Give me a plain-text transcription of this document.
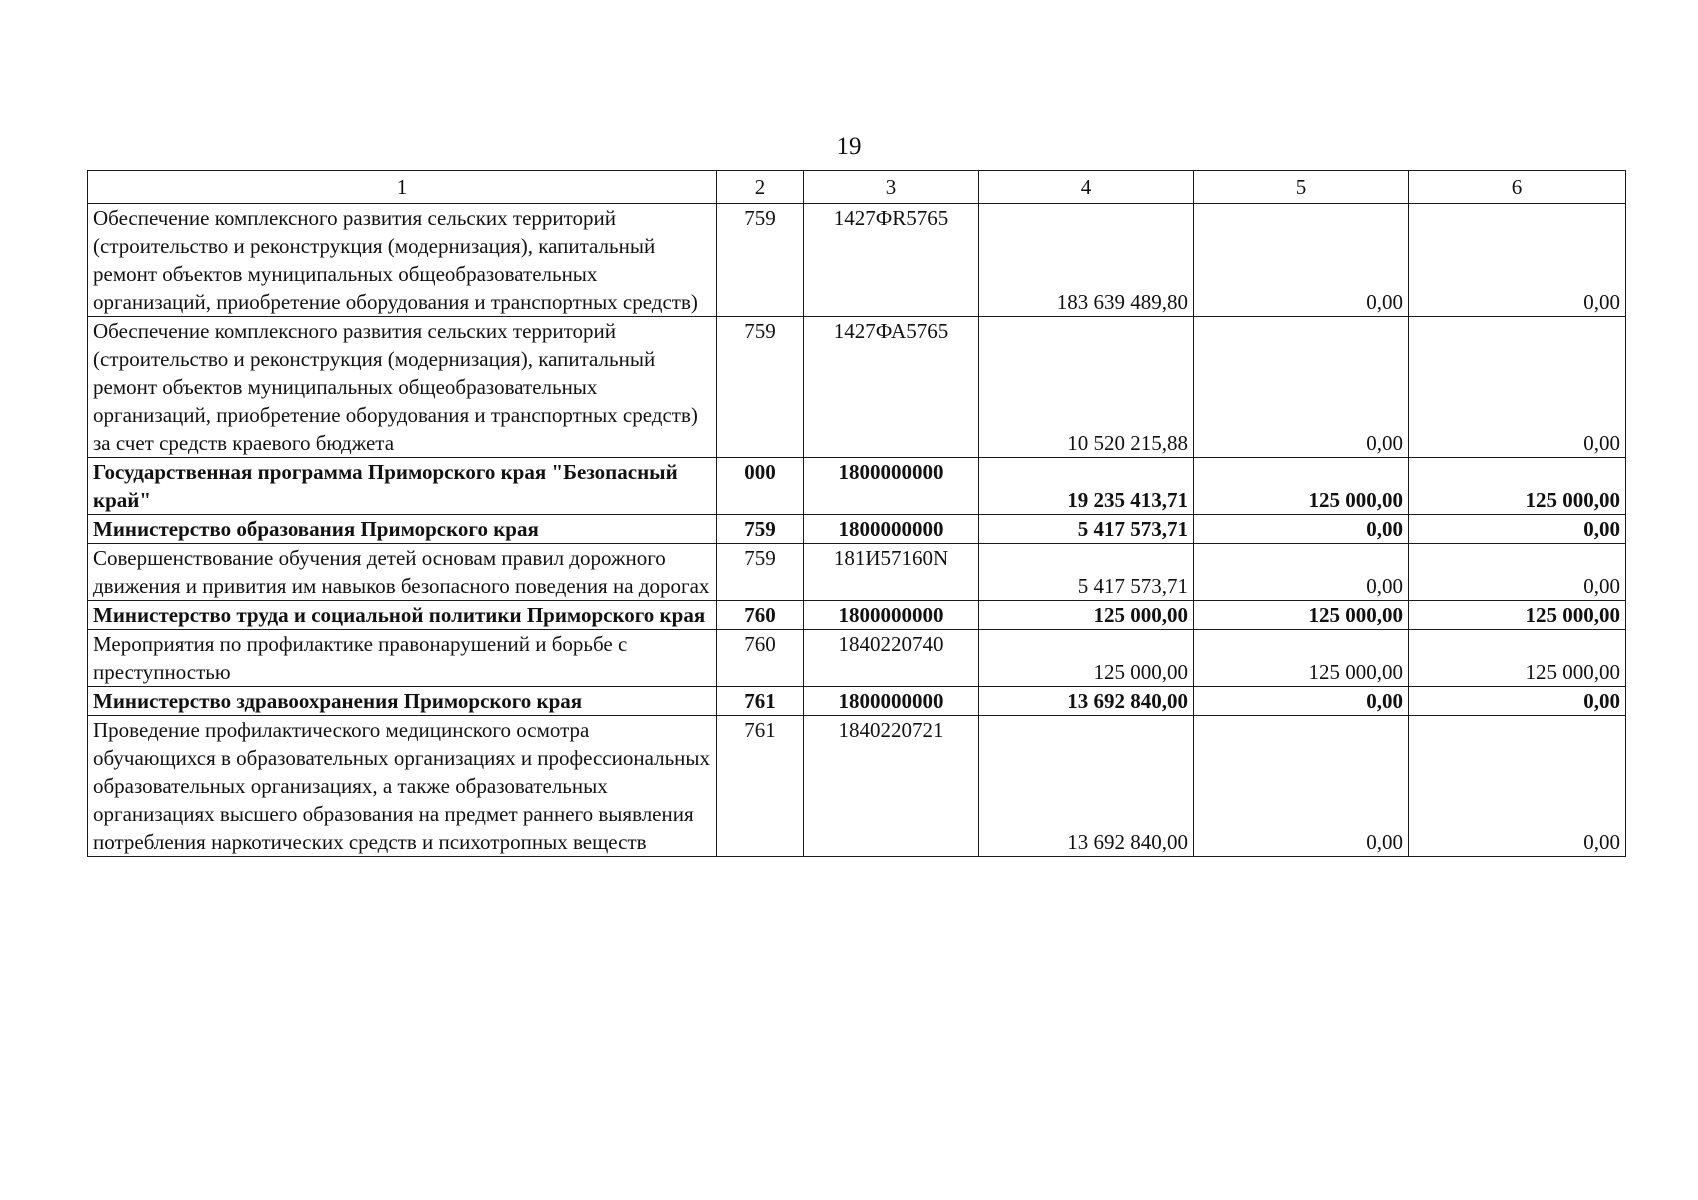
19
1	2	3	4	5	6
Обеспечение комплексного развития сельских территорий (строительство и реконструкция (модернизация), капитальный ремонт объектов муниципальных общеобразовательных организаций, приобретение оборудования и транспортных средств)	759	1427ФR5765	183 639 489,80	0,00	0,00
Обеспечение комплексного развития сельских территорий (строительство и реконструкция (модернизация), капитальный ремонт объектов муниципальных общеобразовательных организаций, приобретение оборудования и транспортных средств) за счет средств краевого бюджета	759	1427ФА5765	10 520 215,88	0,00	0,00
Государственная программа Приморского края "Безопасный край"	000	1800000000	19 235 413,71	125 000,00	125 000,00
Министерство образования Приморского края	759	1800000000	5 417 573,71	0,00	0,00
Совершенствование обучения детей основам правил дорожного движения и привития им навыков безопасного поведения на дорогах	759	181И57160N	5 417 573,71	0,00	0,00
Министерство труда и социальной политики Приморского края	760	1800000000	125 000,00	125 000,00	125 000,00
Мероприятия по профилактике правонарушений и борьбе с преступностью	760	1840220740	125 000,00	125 000,00	125 000,00
Министерство здравоохранения Приморского края	761	1800000000	13 692 840,00	0,00	0,00
Проведение профилактического медицинского осмотра обучающихся в образовательных организациях и профессиональных образовательных организациях, а также образовательных организациях высшего образования на предмет раннего выявления потребления наркотических средств и психотропных веществ	761	1840220721	13 692 840,00	0,00	0,00
